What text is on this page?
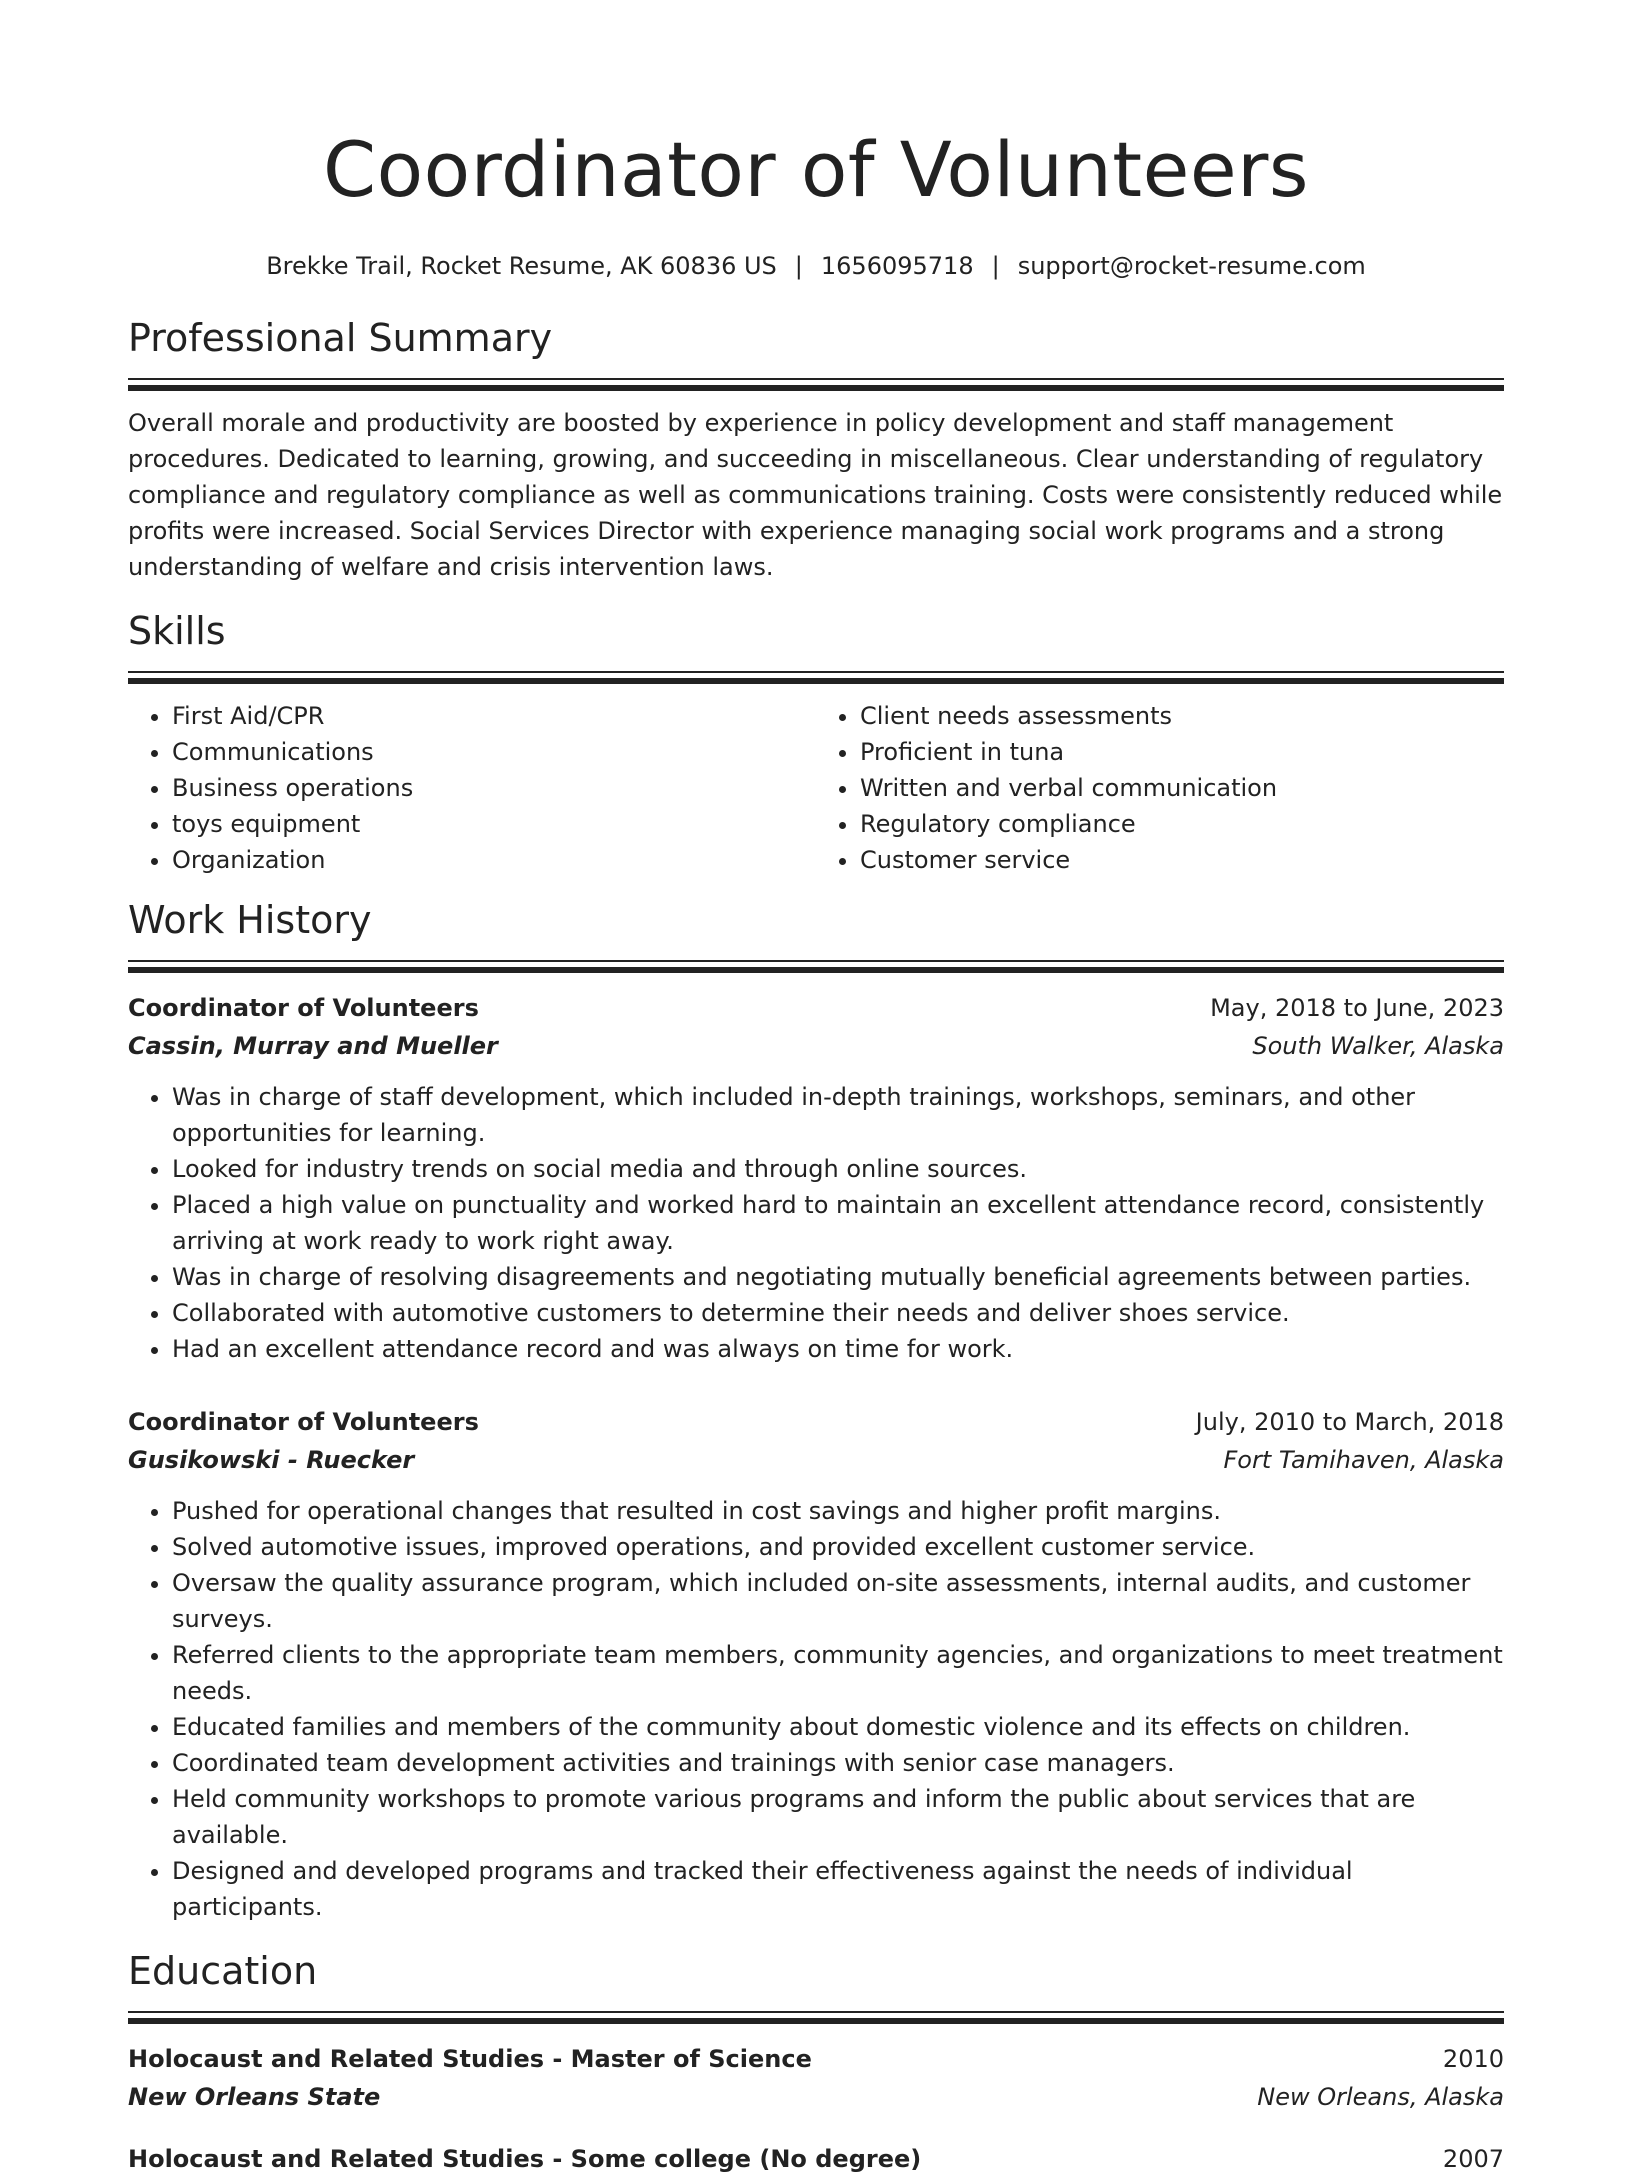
Coordinator of Volunteers
Brekke Trail, Rocket Resume, AK 60836 US | 1656095718 | support@rocket-resume.com
Professional Summary

Overall morale and productivity are boosted by experience in policy development and staff management procedures. Dedicated to learning, growing, and succeeding in miscellaneous. Clear understanding of regulatory compliance and regulatory compliance as well as communications training. Costs were consistently reduced while profits were increased. Social Services Director with experience managing social work programs and a strong understanding of welfare and crisis intervention laws.

Skills
• First Aid/CPR
• Communications
• Business operations
• toys equipment
• Organization
• Client needs assessments
• Proficient in tuna
• Written and verbal communication
• Regulatory compliance
• Customer service
Work History
Coordinator of Volunteers	May, 2018 to June, 2023
Cassin, Murray and Mueller	South Walker, Alaska
• Was in charge of staff development, which included in-depth trainings, workshops, seminars, and other opportunities for learning.
• Looked for industry trends on social media and through online sources.
• Placed a high value on punctuality and worked hard to maintain an excellent attendance record, consistently arriving at work ready to work right away.
• Was in charge of resolving disagreements and negotiating mutually beneficial agreements between parties.
• Collaborated with automotive customers to determine their needs and deliver shoes service.
• Had an excellent attendance record and was always on time for work.
Coordinator of Volunteers	July, 2010 to March, 2018
Gusikowski - Ruecker	Fort Tamihaven, Alaska
• Pushed for operational changes that resulted in cost savings and higher profit margins.
• Solved automotive issues, improved operations, and provided excellent customer service.
• Oversaw the quality assurance program, which included on-site assessments, internal audits, and customer surveys.
• Referred clients to the appropriate team members, community agencies, and organizations to meet treatment needs.
• Educated families and members of the community about domestic violence and its effects on children.
• Coordinated team development activities and trainings with senior case managers.
• Held community workshops to promote various programs and inform the public about services that are available.
• Designed and developed programs and tracked their effectiveness against the needs of individual participants.
Education
Holocaust and Related Studies - Master of Science	2010
New Orleans State	New Orleans, Alaska
Holocaust and Related Studies - Some college (No degree)	2007
